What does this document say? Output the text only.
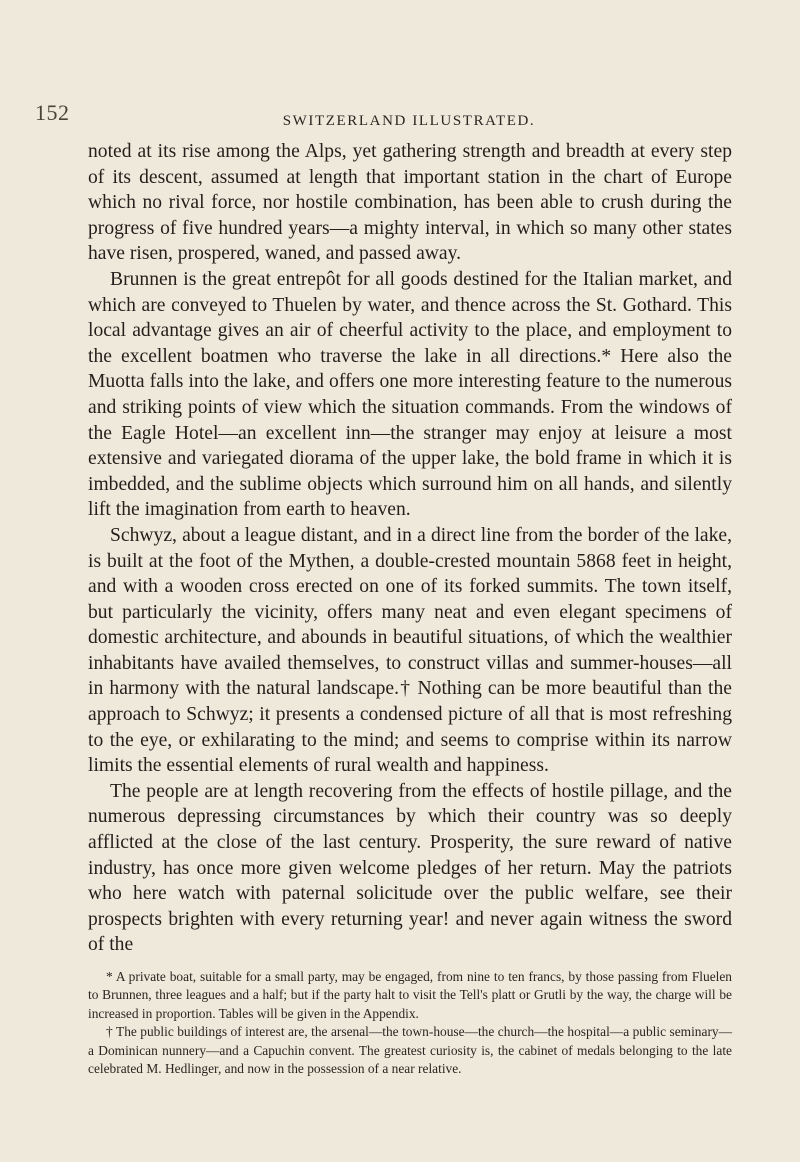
152	SWITZERLAND ILLUSTRATED.

noted at its rise among the Alps, yet gathering strength and breadth at every step of its descent, assumed at length that important station in the chart of Europe which no rival force, nor hostile combination, has been able to crush during the progress of five hundred years—a mighty interval, in which so many other states have risen, prospered, waned, and passed away.

Brunnen is the great entrepôt for all goods destined for the Italian market, and which are conveyed to Thuelen by water, and thence across the St. Gothard. This local advantage gives an air of cheerful activity to the place, and employment to the excellent boatmen who traverse the lake in all directions.* Here also the Muotta falls into the lake, and offers one more interesting feature to the numerous and striking points of view which the situation commands. From the windows of the Eagle Hotel—an excellent inn—the stranger may enjoy at leisure a most extensive and variegated diorama of the upper lake, the bold frame in which it is imbedded, and the sublime objects which surround him on all hands, and silently lift the imagination from earth to heaven.

Schwyz, about a league distant, and in a direct line from the border of the lake, is built at the foot of the Mythen, a double-crested mountain 5868 feet in height, and with a wooden cross erected on one of its forked summits. The town itself, but particularly the vicinity, offers many neat and even elegant specimens of domestic architecture, and abounds in beautiful situations, of which the wealthier inhabitants have availed themselves, to construct villas and summer-houses—all in harmony with the natural landscape.† Nothing can be more beautiful than the approach to Schwyz; it presents a condensed picture of all that is most refreshing to the eye, or exhilarating to the mind; and seems to comprise within its narrow limits the essential elements of rural wealth and happiness.

The people are at length recovering from the effects of hostile pillage, and the numerous depressing circumstances by which their country was so deeply afflicted at the close of the last century. Prosperity, the sure reward of native industry, has once more given welcome pledges of her return. May the patriots who here watch with paternal solicitude over the public welfare, see their prospects brighten with every returning year! and never again witness the sword of the

* A private boat, suitable for a small party, may be engaged, from nine to ten francs, by those passing from Fluelen to Brunnen, three leagues and a half; but if the party halt to visit the Tell's platt or Grutli by the way, the charge will be increased in proportion. Tables will be given in the Appendix.

† The public buildings of interest are, the arsenal—the town-house—the church—the hospital—a public seminary—a Dominican nunnery—and a Capuchin convent. The greatest curiosity is, the cabinet of medals belonging to the late celebrated M. Hedlinger, and now in the possession of a near relative.
